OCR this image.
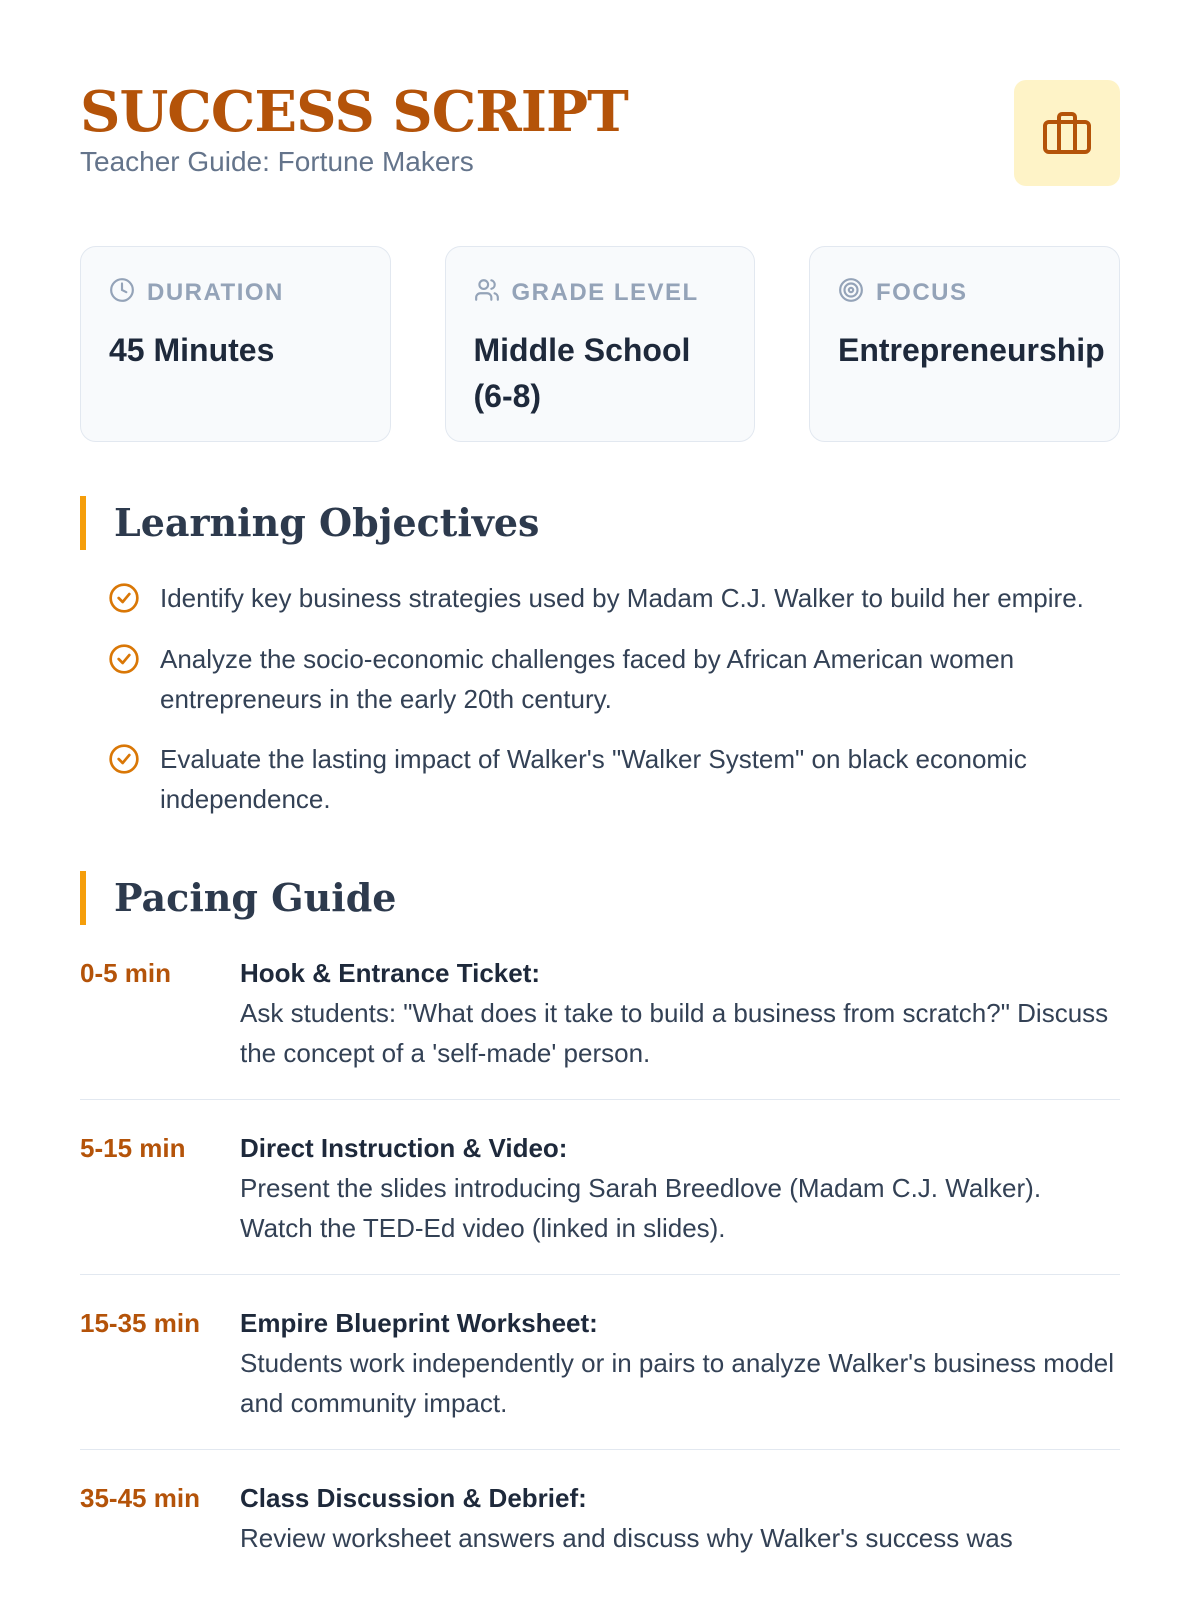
SUCCESS SCRIPT
Teacher Guide: Fortune Makers
DURATION
45 Minutes
GRADE LEVEL
Middle School (6-8)
FOCUS
Entrepreneurship
Learning Objectives
Identify key business strategies used by Madam C.J. Walker to build her empire.
Analyze the socio-economic challenges faced by African American women entrepreneurs in the early 20th century.
Evaluate the lasting impact of Walker's "Walker System" on black economic independence.
Pacing Guide
0-5 min	Hook & Entrance Ticket:
Ask students: "What does it take to build a business from scratch?" Discuss the concept of a 'self-made' person.
5-15 min	Direct Instruction & Video:
Present the slides introducing Sarah Breedlove (Madam C.J. Walker). Watch the TED-Ed video (linked in slides).
15-35 min	Empire Blueprint Worksheet:
Students work independently or in pairs to analyze Walker's business model and community impact.
35-45 min	Class Discussion & Debrief:
Review worksheet answers and discuss why Walker's success was
